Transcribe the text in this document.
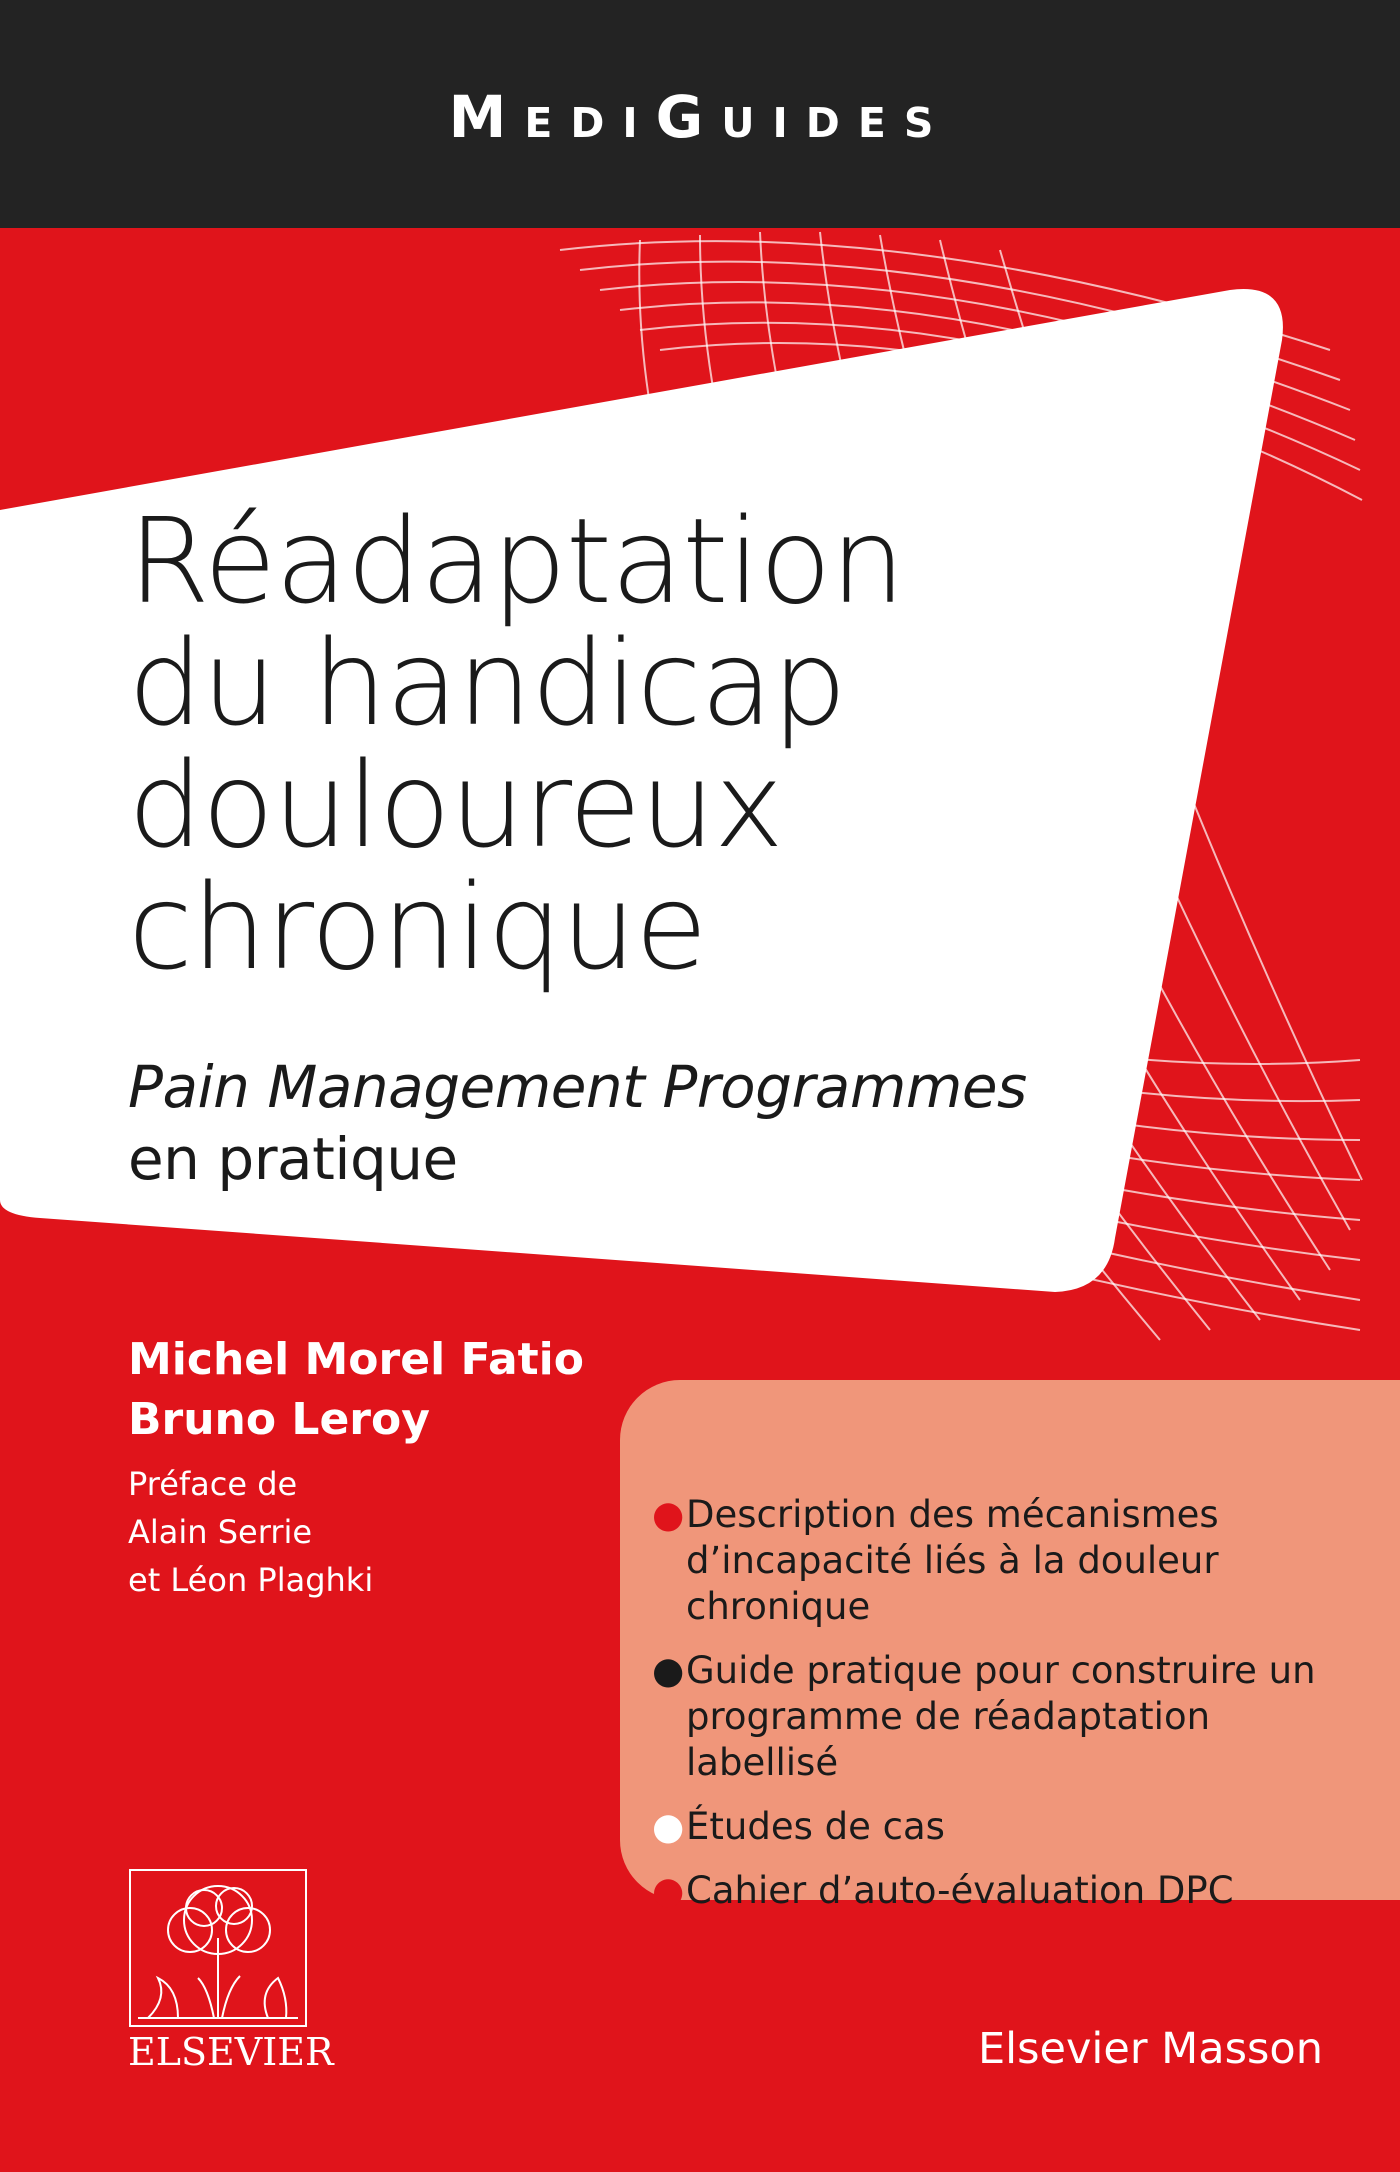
MediGuides
Réadaptation
du handicap
douloureux
chronique
Pain Management Programmes
en pratique
Michel Morel Fatio
Bruno Leroy
Préface de
Alain Serrie
et Léon Plaghki
● Description des mécanismes d’incapacité liés à la douleur chronique
● Guide pratique pour construire un programme de réadaptation labellisé
● Études de cas
● Cahier d’auto-évaluation DPC
ELSEVIER	Elsevier Masson
